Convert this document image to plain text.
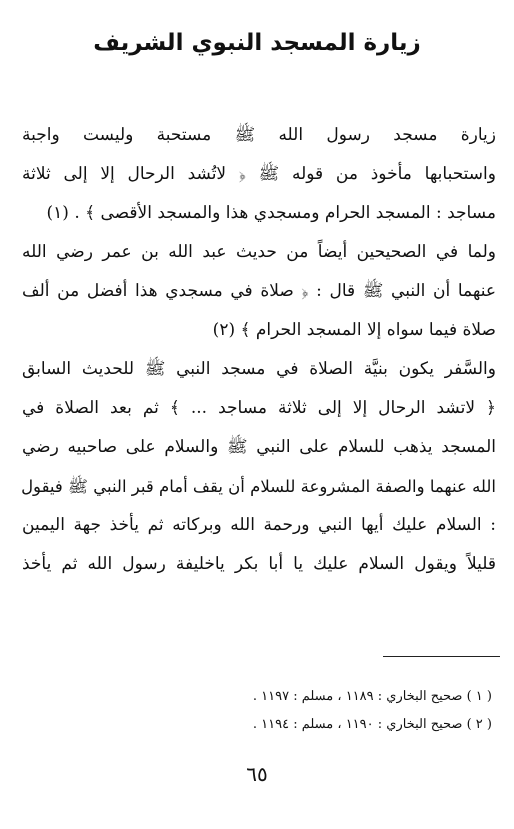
زيارة المسجد النبوي الشريف
زيارة مسجد رسول الله ﷺ مستحبة وليست واجبة
واستحبابها مأخوذ من قوله ﷺ ﴿ لاتُشد الرحال إلا إلى ثلاثة
مساجد : المسجد الحرام ومسجدي هذا والمسجد الأقصى ﴾ . (١)
ولما في الصحيحين أيضاً من حديث عبد الله بن عمر رضي الله
عنهما أن النبي ﷺ قال : ﴿ صلاة في مسجدي هذا أفضل من ألف
صلاة فيما سواه إلا المسجد الحرام ﴾ (٢)
والسَّفر يكون بنيَّة الصلاة في مسجد النبي ﷺ للحديث السابق
﴿ لاتشد الرحال إلا إلى ثلاثة مساجد ... ﴾ ثم بعد الصلاة في
المسجد يذهب للسلام على النبي ﷺ والسلام على صاحبيه رضي
الله عنهما والصفة المشروعة للسلام أن يقف أمام قبر النبي ﷺ فيقول
: السلام عليك أيها النبي ورحمة الله وبركاته ثم يأخذ جهة اليمين
قليلاً ويقول السلام عليك يا أبا بكر ياخليفة رسول الله ثم يأخذ
( ١ ) صحيح البخاري : ١١٨٩ ، مسلم : ١١٩٧ .
( ٢ ) صحيح البخاري : ١١٩٠ ، مسلم : ١١٩٤ .
٦٥
